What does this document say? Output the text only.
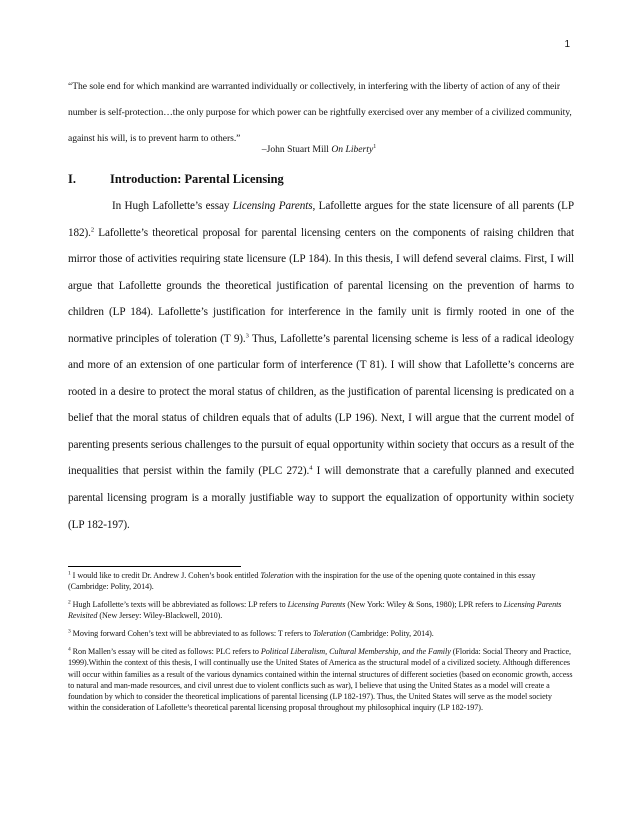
1
“The sole end for which mankind are warranted individually or collectively, in interfering with the liberty of action of any of their number is self-protection…the only purpose for which power can be rightfully exercised over any member of a civilized community, against his will, is to prevent harm to others.”
–John Stuart Mill On Liberty$^1$
I.	Introduction: Parental Licensing
In Hugh Lafollette’s essay Licensing Parents, Lafollette argues for the state licensure of all parents (LP 182).$^2$ Lafollette’s theoretical proposal for parental licensing centers on the components of raising children that mirror those of activities requiring state licensure (LP 184). In this thesis, I will defend several claims. First, I will argue that Lafollette grounds the theoretical justification of parental licensing on the prevention of harms to children (LP 184). Lafollette’s justification for interference in the family unit is firmly rooted in one of the normative principles of toleration (T 9).$^3$ Thus, Lafollette’s parental licensing scheme is less of a radical ideology and more of an extension of one particular form of interference (T 81). I will show that Lafollette’s concerns are rooted in a desire to protect the moral status of children, as the justification of parental licensing is predicated on a belief that the moral status of children equals that of adults (LP 196). Next, I will argue that the current model of parenting presents serious challenges to the pursuit of equal opportunity within society that occurs as a result of the inequalities that persist within the family (PLC 272).$^4$ I will demonstrate that a carefully planned and executed parental licensing program is a morally justifiable way to support the equalization of opportunity within society (LP 182-197).

$^1$ I would like to credit Dr. Andrew J. Cohen’s book entitled Toleration with the inspiration for the use of the opening quote contained in this essay (Cambridge: Polity, 2014).

$^2$ Hugh Lafollette’s texts will be abbreviated as follows: LP refers to Licensing Parents (New York: Wiley & Sons, 1980); LPR refers to Licensing Parents Revisited (New Jersey: Wiley-Blackwell, 2010).

$^3$ Moving forward Cohen’s text will be abbreviated to as follows: T refers to Toleration (Cambridge: Polity, 2014).

$^4$ Ron Mallen’s essay will be cited as follows: PLC refers to Political Liberalism, Cultural Membership, and the Family (Florida: Social Theory and Practice, 1999).Within the context of this thesis, I will continually use the United States of America as the structural model of a civilized society. Although differences will occur within families as a result of the various dynamics contained within the internal structures of different societies (based on economic growth, access to natural and man-made resources, and civil unrest due to violent conflicts such as war), I believe that using the United States as a model will create a foundation by which to consider the theoretical implications of parental licensing (LP 182-197). Thus, the United States will serve as the model society within the consideration of Lafollette’s theoretical parental licensing proposal throughout my philosophical inquiry (LP 182-197).
